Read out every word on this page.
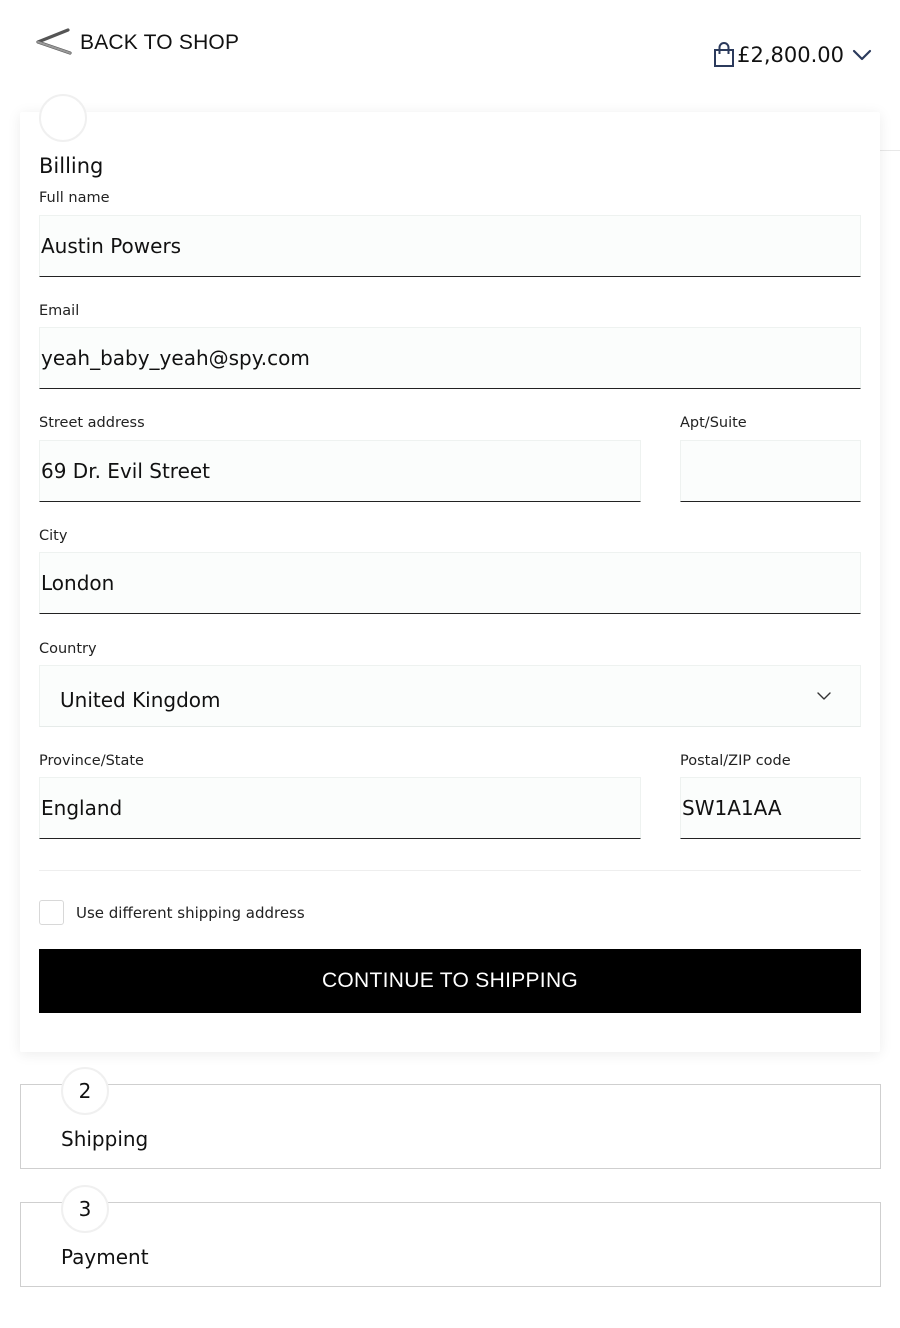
BACK TO SHOP
£2,800.00
Billing
Full name
Austin Powers
Email
yeah_baby_yeah@spy.com
Street address
69 Dr. Evil Street
Apt/Suite
City
London
Country
United Kingdom
Province/State
England
Postal/ZIP code
SW1A1AA
Use different shipping address
CONTINUE TO SHIPPING
2
Shipping
3
Payment
